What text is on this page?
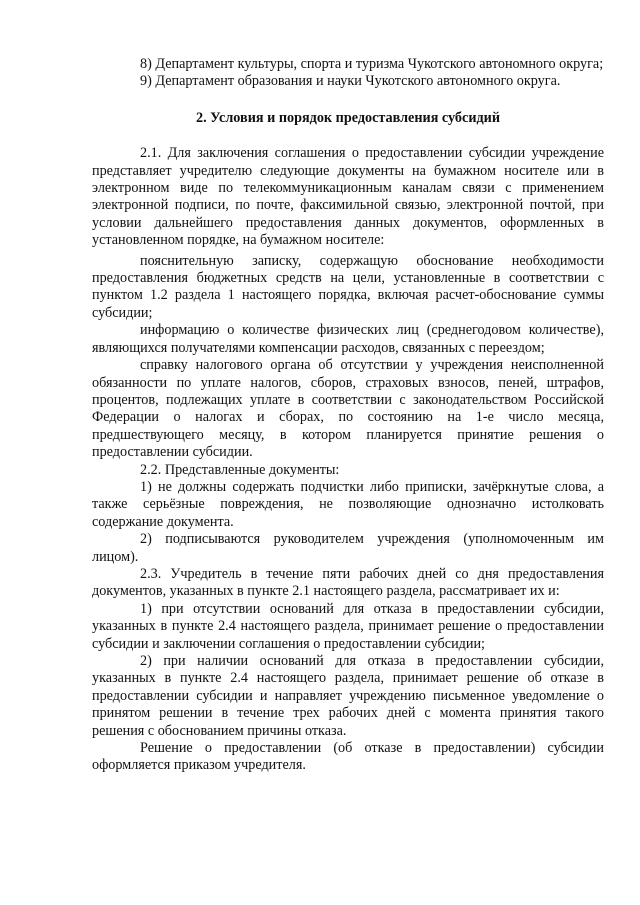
8) Департамент культуры, спорта и туризма Чукотского автономного округа;

9) Департамент образования и науки Чукотского автономного округа.

2. Условия и порядок предоставления субсидий

2.1. Для заключения соглашения о предоставлении субсидии учреждение представляет учредителю следующие документы на бумажном носителе или в электронном виде по телекоммуникационным каналам связи с применением электронной подписи, по почте, факсимильной связью, электронной почтой, при условии дальнейшего предоставления данных документов, оформленных в установленном порядке, на бумажном носителе:

пояснительную записку, содержащую обоснование необходимости предоставления бюджетных средств на цели, установленные в соответствии с пунктом 1.2 раздела 1 настоящего порядка, включая расчет-обоснование суммы субсидии;

информацию о количестве физических лиц (среднегодовом количестве), являющихся получателями компенсации расходов, связанных с переездом;

справку налогового органа об отсутствии у учреждения неисполненной обязанности по уплате налогов, сборов, страховых взносов, пеней, штрафов, процентов, подлежащих уплате в соответствии с законодательством Российской Федерации о налогах и сборах, по состоянию на 1-е число месяца, предшествующего месяцу, в котором планируется принятие решения о предоставлении субсидии.

2.2. Представленные документы:

1) не должны содержать подчистки либо приписки, зачёркнутые слова, а также серьёзные повреждения, не позволяющие однозначно истолковать содержание документа.

2) подписываются руководителем учреждения (уполномоченным им лицом).

2.3. Учредитель в течение пяти рабочих дней со дня предоставления документов, указанных в пункте 2.1 настоящего раздела, рассматривает их и:

1) при отсутствии оснований для отказа в предоставлении субсидии, указанных в пункте 2.4 настоящего раздела, принимает решение о предоставлении субсидии и заключении соглашения о предоставлении субсидии;

2) при наличии оснований для отказа в предоставлении субсидии, указанных в пункте 2.4 настоящего раздела, принимает решение об отказе в предоставлении субсидии и направляет учреждению письменное уведомление о принятом решении в течение трех рабочих дней с момента принятия такого решения с обоснованием причины отказа.

Решение о предоставлении (об отказе в предоставлении) субсидии оформляется приказом учредителя.
